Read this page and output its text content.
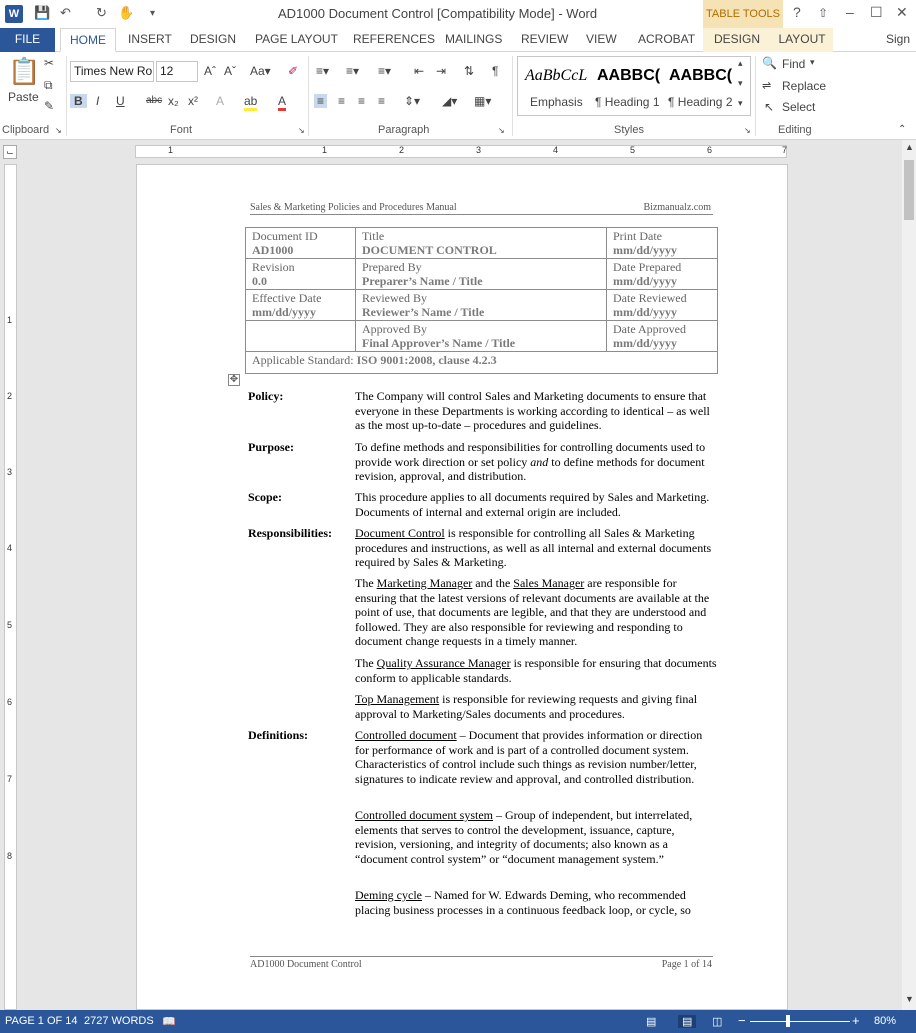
W 💾 ↶ ↻ ✋ ▾	AD1000 Document Control [Compatibility Mode] - Word	TABLE TOOLS ? ⇧ – ☐ ✕
FILE	HOME	INSERT DESIGN PAGE LAYOUT REFERENCES MAILINGS REVIEW VIEW ACROBAT	DESIGN	LAYOUT	Sign
📋
Paste
✂
⧉
✎
Clipboard ↘
Times New Ro 12	Aˆ Aˇ Aa▾ ✐
B	I U abc x₂ x² A ab A
Font	↘
≡▾ ≡▾ ≡▾ ⇤ ⇥ ⇅ ¶
≡ ≡ ≡ ≡ ⇕▾ ◢▾ ▦▾
Paragraph	↘
AaBbCcL AABBC( AABBC(
Emphasis ¶ Heading 1 ¶ Heading 2
▴
▾
▾
Styles	↘
🔍 Find ▾
⇌ Replace
↖ Select
Editing	⌃
1	1	2	3	4	5	6	7
⌙
1
2
3
4
5
6
7
8
▲
▼
Sales & Marketing Policies and Procedures Manual	Bizmanualz.com
Document ID
AD1000	Title
DOCUMENT CONTROL	Print Date
mm/dd/yyyy
Revision
0.0	Prepared By
Preparer’s Name / Title	Date Prepared
mm/dd/yyyy
Effective Date
mm/dd/yyyy	Reviewed By
Reviewer’s Name / Title	Date Reviewed
mm/dd/yyyy
	Approved By
Final Approver’s Name / Title	Date Approved
mm/dd/yyyy
Applicable Standard: ISO 9001:2008, clause 4.2.3		
✥
Policy:	The Company will control Sales and Marketing documents to ensure that everyone in these Departments is working according to identical – as well as the most up-to-date – procedures and guidelines.
Purpose:	To define methods and responsibilities for controlling documents used to provide work direction or set policy and to define methods for document revision, approval, and distribution.
Scope:	This procedure applies to all documents required by Sales and Marketing. Documents of internal and external origin are included.
Responsibilities: Document Control is responsible for controlling all Sales & Marketing procedures and instructions, as well as all internal and external documents required by Sales & Marketing.
The Marketing Manager and the Sales Manager are responsible for ensuring that the latest versions of relevant documents are available at the point of use, that documents are legible, and that they are understood and followed. They are also responsible for reviewing and responding to document change requests in a timely manner.
The Quality Assurance Manager is responsible for ensuring that documents conform to applicable standards.
Top Management is responsible for reviewing requests and giving final approval to Marketing/Sales documents and procedures.
Definitions:	Controlled document – Document that provides information or direction for performance of work and is part of a controlled document system. Characteristics of control include such things as revision number/letter, signatures to indicate review and approval, and controlled distribution.
Controlled document system – Group of independent, but interrelated, elements that serves to control the development, issuance, capture, revision, versioning, and integrity of documents; also known as a “document control system” or “document management system.”
Deming cycle – Named for W. Edwards Deming, who recommended placing business processes in a continuous feedback loop, or cycle, so
AD1000 Document Control	Page 1 of 14
PAGE 1 OF 14 2727 WORDS 📖	▤	▤	◫ −	+ 80%
